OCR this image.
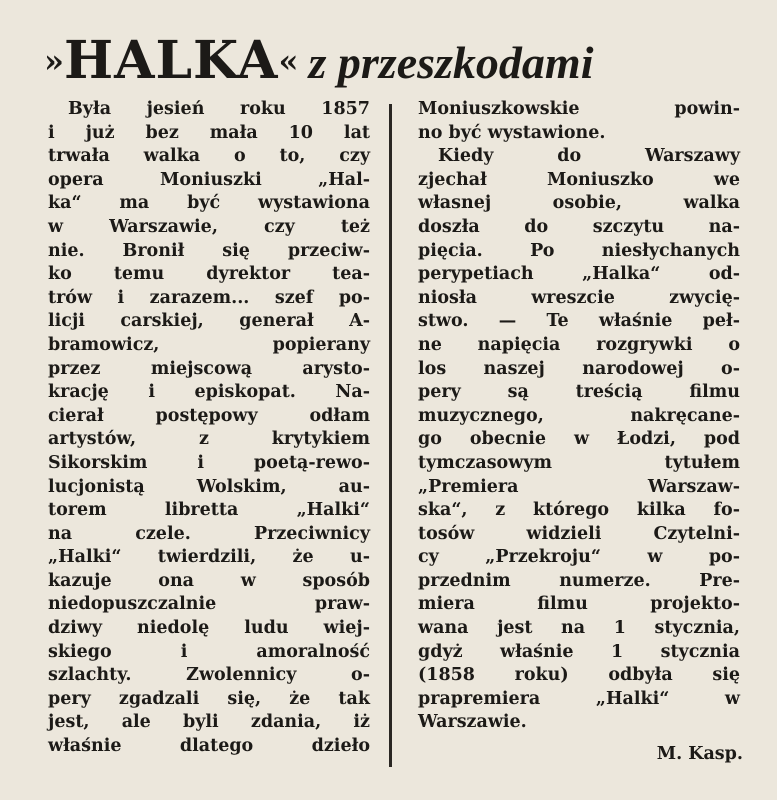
»HALKA« z przeszkodami
Była jesień roku 1857
i już bez mała 10 lat
trwała walka o to, czy
opera Moniuszki „Hal-
ka“ ma być wystawiona
w Warszawie, czy też
nie. Bronił się przeciw-
ko temu dyrektor tea-
trów i zarazem... szef po-
licji carskiej, generał A-
bramowicz, popierany
przez miejscową arysto-
krację i episkopat. Na-
cierał postępowy odłam
artystów, z krytykiem
Sikorskim i poetą-rewo-
lucjonistą Wolskim, au-
torem libretta „Halki“
na czele. Przeciwnicy
„Halki“ twierdzili, że u-
kazuje ona w sposób
niedopuszczalnie praw-
dziwy niedolę ludu wiej-
skiego i amoralność
szlachty. Zwolennicy o-
pery zgadzali się, że tak
jest, ale byli zdania, iż
właśnie dlatego dzieło
Moniuszkowskie powin-
no być wystawione.
Kiedy do Warszawy
zjechał Moniuszko we
własnej osobie, walka
doszła do szczytu na-
pięcia. Po niesłychanych
perypetiach „Halka“ od-
niosła wreszcie zwycię-
stwo. — Te właśnie peł-
ne napięcia rozgrywki o
los naszej narodowej o-
pery są treścią filmu
muzycznego, nakręcane-
go obecnie w Łodzi, pod
tymczasowym tytułem
„Premiera Warszaw-
ska“, z którego kilka fo-
tosów widzieli Czytelni-
cy „Przekroju“ w po-
przednim numerze. Pre-
miera filmu projekto-
wana jest na 1 stycznia,
gdyż właśnie 1 stycznia
(1858 roku) odbyła się
prapremiera „Halki“ w
Warszawie.
M. Kasp.
